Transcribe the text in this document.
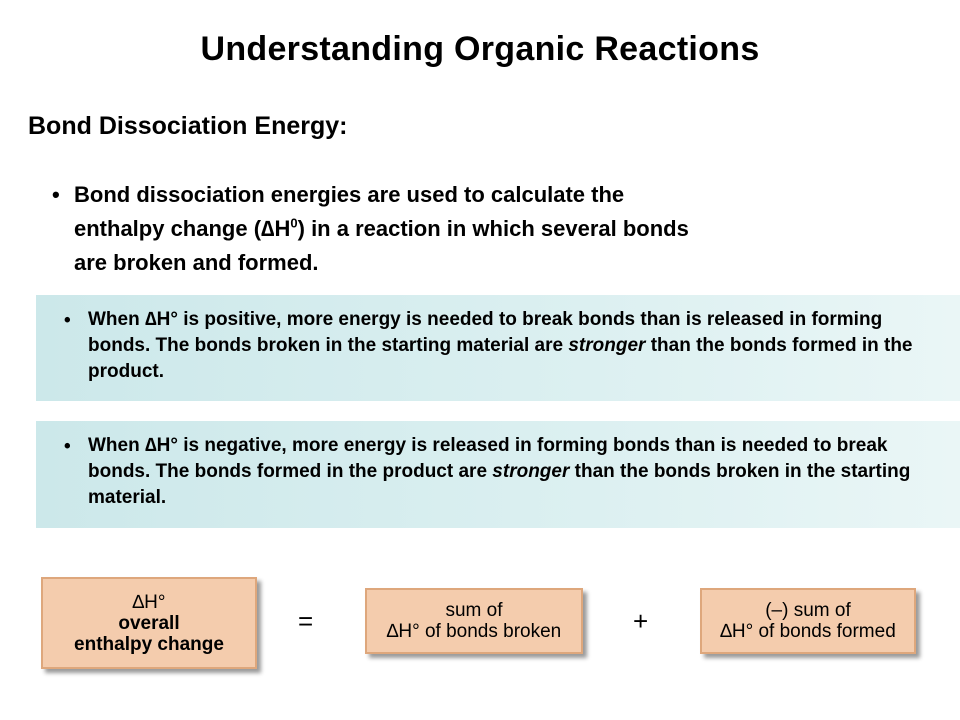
Understanding Organic Reactions
Bond Dissociation Energy:
• Bond dissociation energies are used to calculate the
enthalpy change $(\Delta H^0)$ in a reaction in which several bonds
are broken and formed.
• When ∆H° is positive, more energy is needed to break bonds than is released in forming bonds. The bonds broken in the starting material are stronger than the bonds formed in the product.
• When ∆H° is negative, more energy is released in forming bonds than is needed to break bonds. The bonds formed in the product are stronger than the bonds broken in the starting material.
∆H°
overall
enthalpy change
=	sum of
∆H° of bonds broken	+	(–) sum of
∆H° of bonds formed
